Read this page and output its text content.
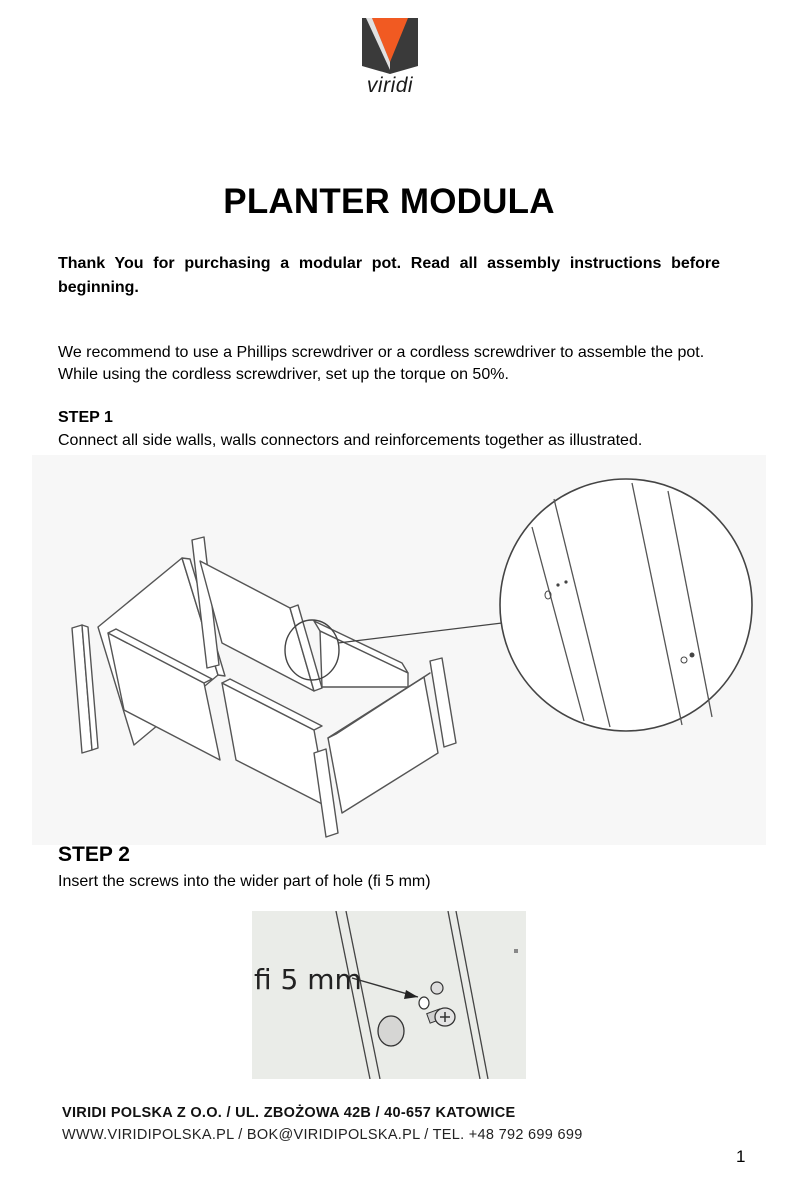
viridi
PLANTER MODULA
Thank You for purchasing a modular pot. Read all assembly instructions before beginning.
We recommend to use a Phillips screwdriver or a cordless screwdriver to assemble the pot.
While using the cordless screwdriver, set up the torque on 50%.
STEP 1
Connect all side walls, walls connectors and reinforcements together as illustrated.
STEP 2
Insert the screws into the wider part of hole (fi 5 mm)
fi 5 mm
VIRIDI POLSKA Z O.O. / UL. ZBOŻOWA 42B / 40-657 KATOWICE
WWW.VIRIDIPOLSKA.PL / BOK@VIRIDIPOLSKA.PL / TEL. +48 792 699 699
1
